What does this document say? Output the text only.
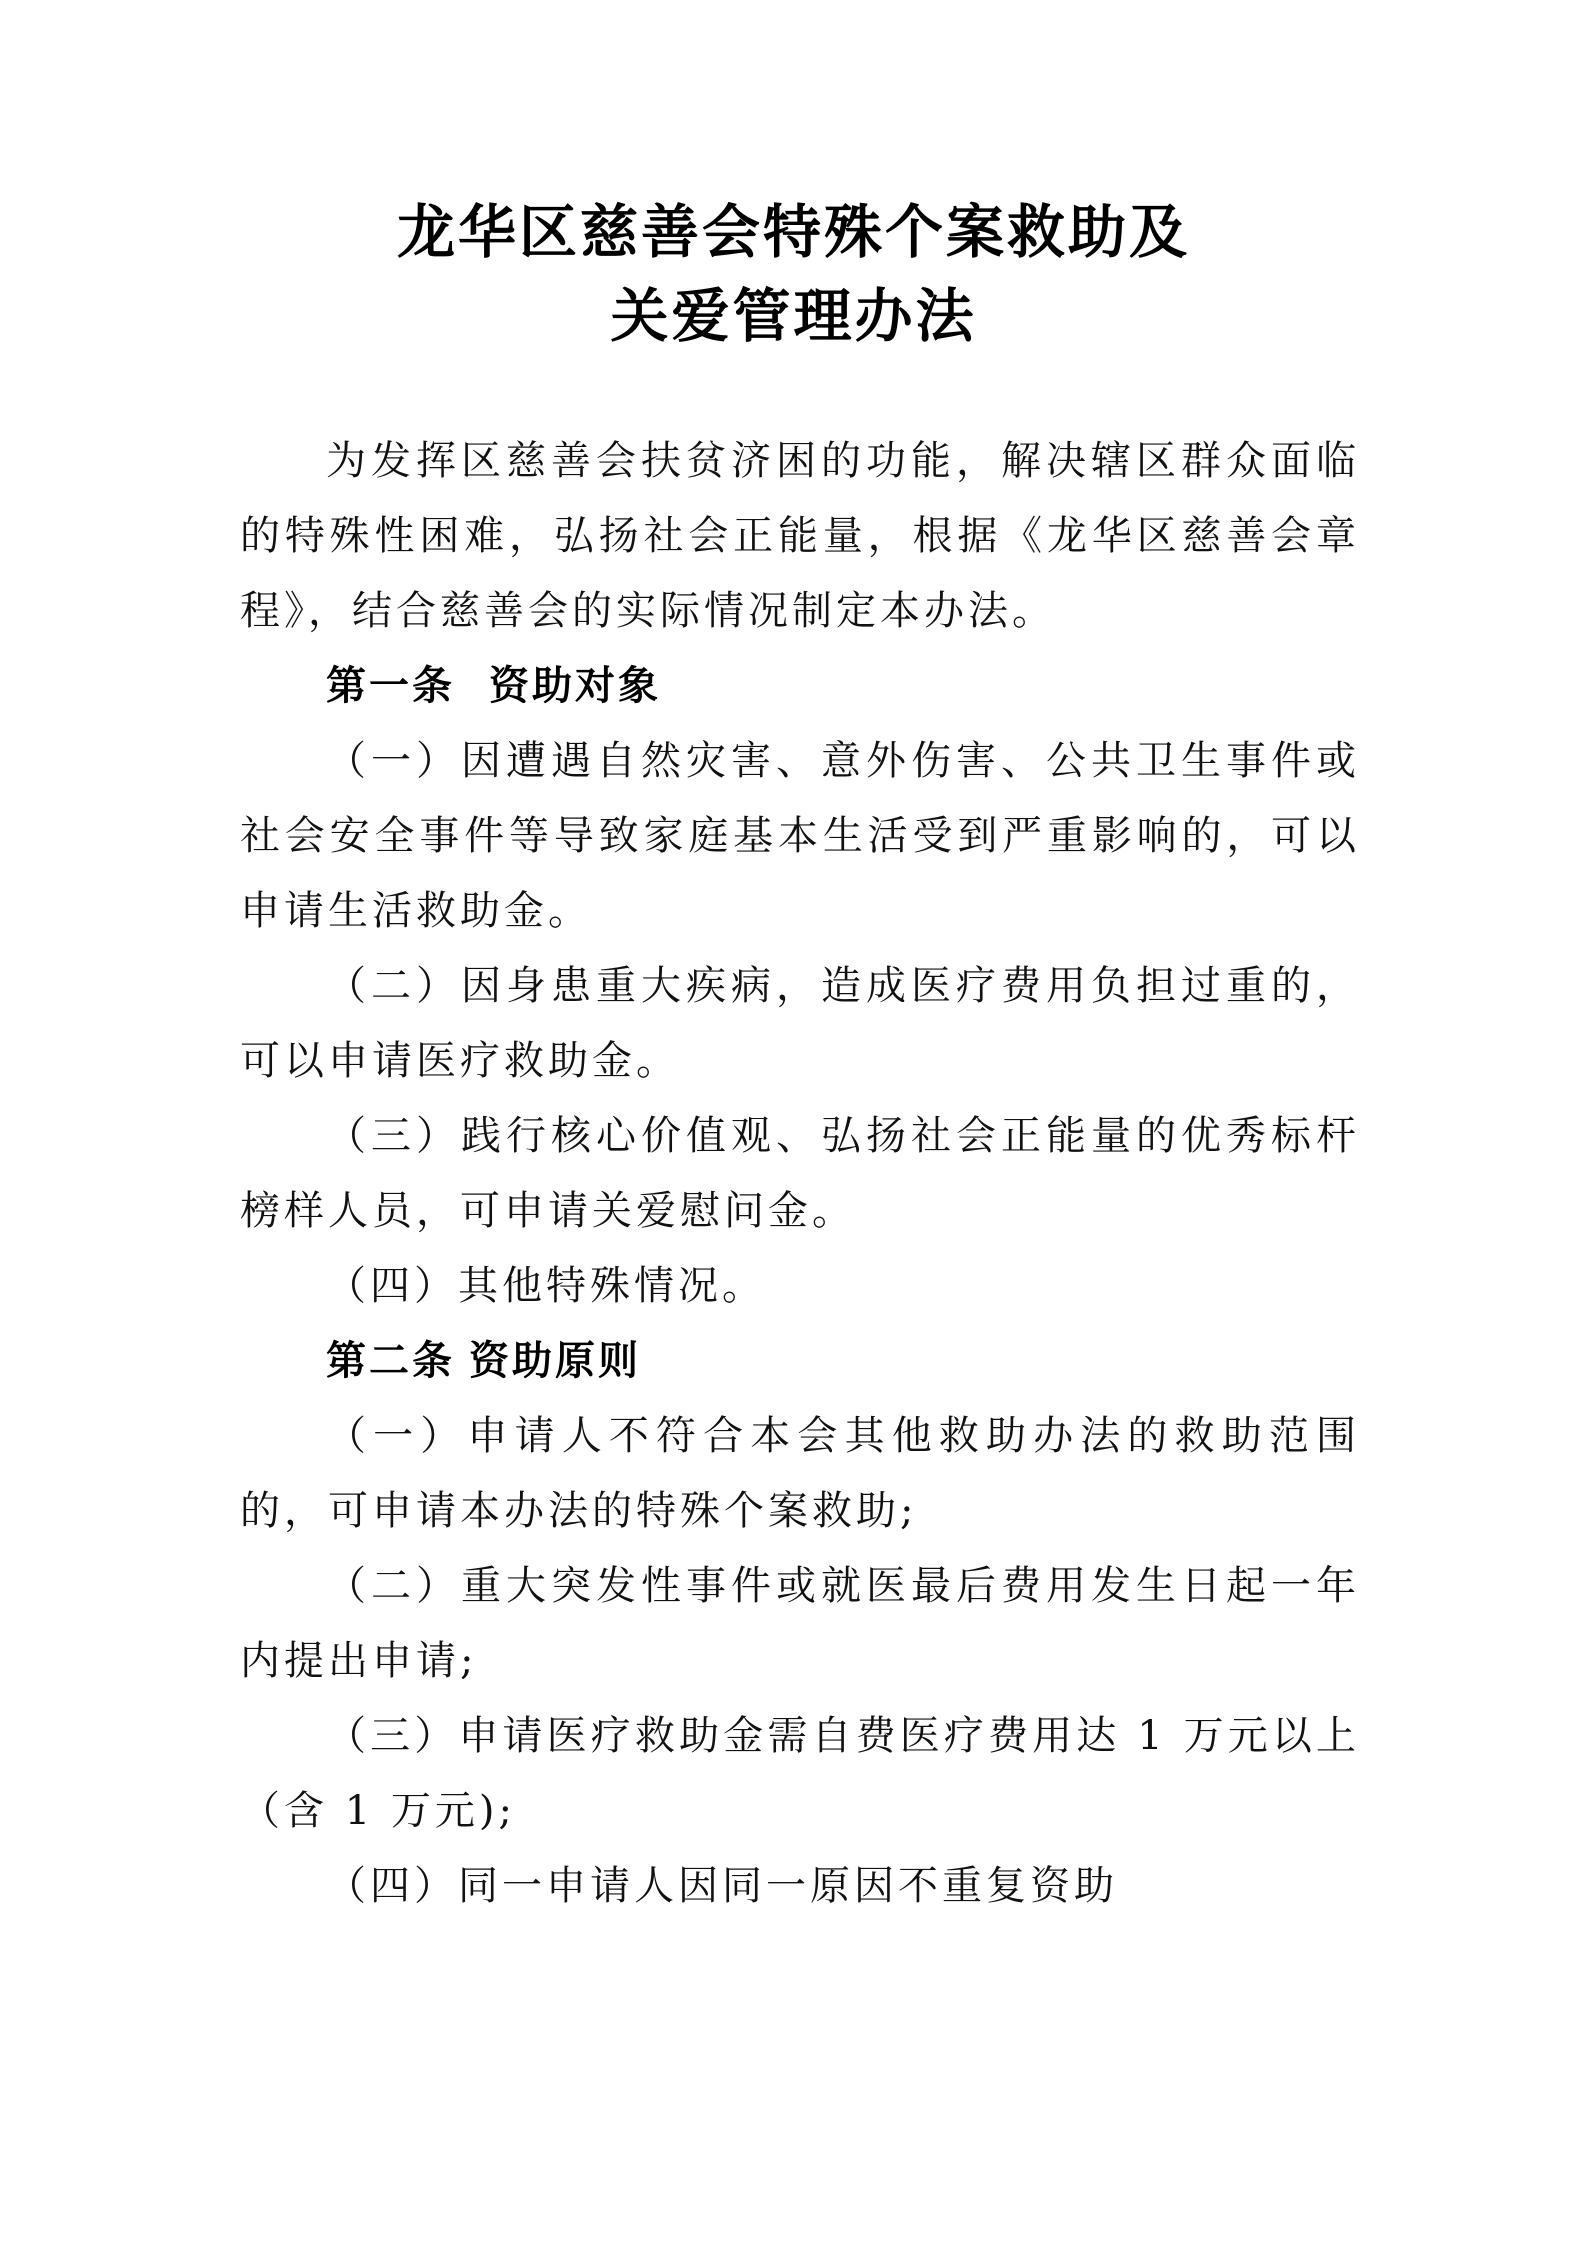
龙华区慈善会特殊个案救助及
关爱管理办法

为发挥区慈善会扶贫济困的功能，解决辖区群众面临的特殊性困难，弘扬社会正能量，根据《龙华区慈善会章程》，结合慈善会的实际情况制定本办法。

第一条 资助对象

（一）因遭遇自然灾害、意外伤害、公共卫生事件或社会安全事件等导致家庭基本生活受到严重影响的，可以申请生活救助金。

（二）因身患重大疾病，造成医疗费用负担过重的，可以申请医疗救助金。

（三）践行核心价值观、弘扬社会正能量的优秀标杆榜样人员，可申请关爱慰问金。

（四）其他特殊情况。

第二条 资助原则

（一）申请人不符合本会其他救助办法的救助范围的，可申请本办法的特殊个案救助;

（二）重大突发性事件或就医最后费用发生日起一年内提出申请;

（三）申请医疗救助金需自费医疗费用达 1 万元以上（含 1 万元);

（四）同一申请人因同一原因不重复资助
